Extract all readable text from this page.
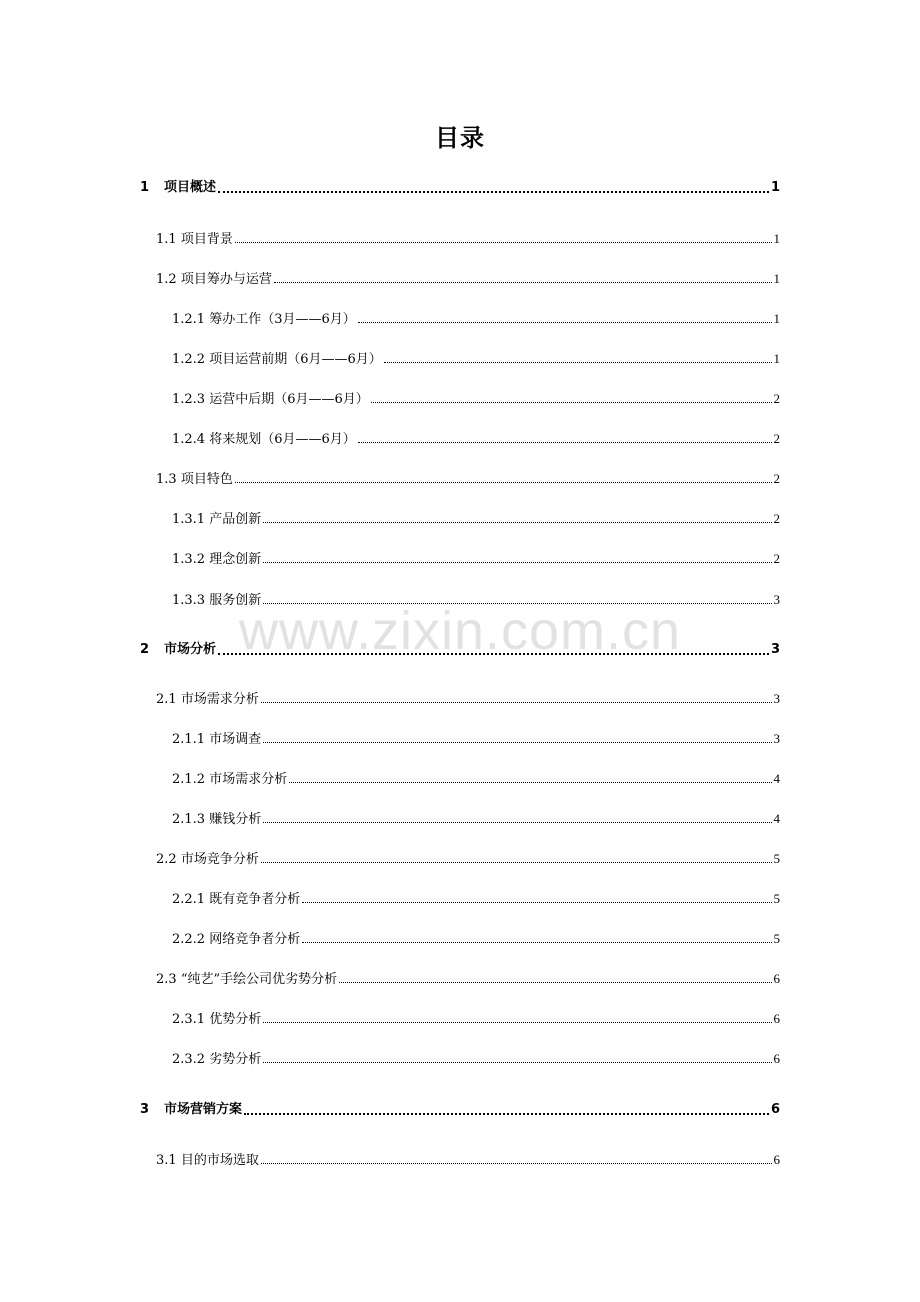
目录
1	项目概述	1
1.1 项目背景	1
1.2 项目筹办与运营	1
1.2.1 筹办工作（3月——6月）	1
1.2.2 项目运营前期（6月——6月）	1
1.2.3 运营中后期（6月——6月）	2
1.2.4 将来规划（6月——6月）	2
1.3 项目特色	2
1.3.1 产品创新	2
1.3.2 理念创新	2
1.3.3 服务创新	3
2	市场分析	3
2.1 市场需求分析	3
2.1.1 市场调查	3
2.1.2 市场需求分析	4
2.1.3 赚钱分析	4
2.2 市场竞争分析	5
2.2.1 既有竞争者分析	5
2.2.2 网络竞争者分析	5
2.3 “纯艺”手绘公司优劣势分析	6
2.3.1 优势分析	6
2.3.2 劣势分析	6
3	市场营销方案	6
3.1 目的市场选取	6
www.zixin.com.cn
